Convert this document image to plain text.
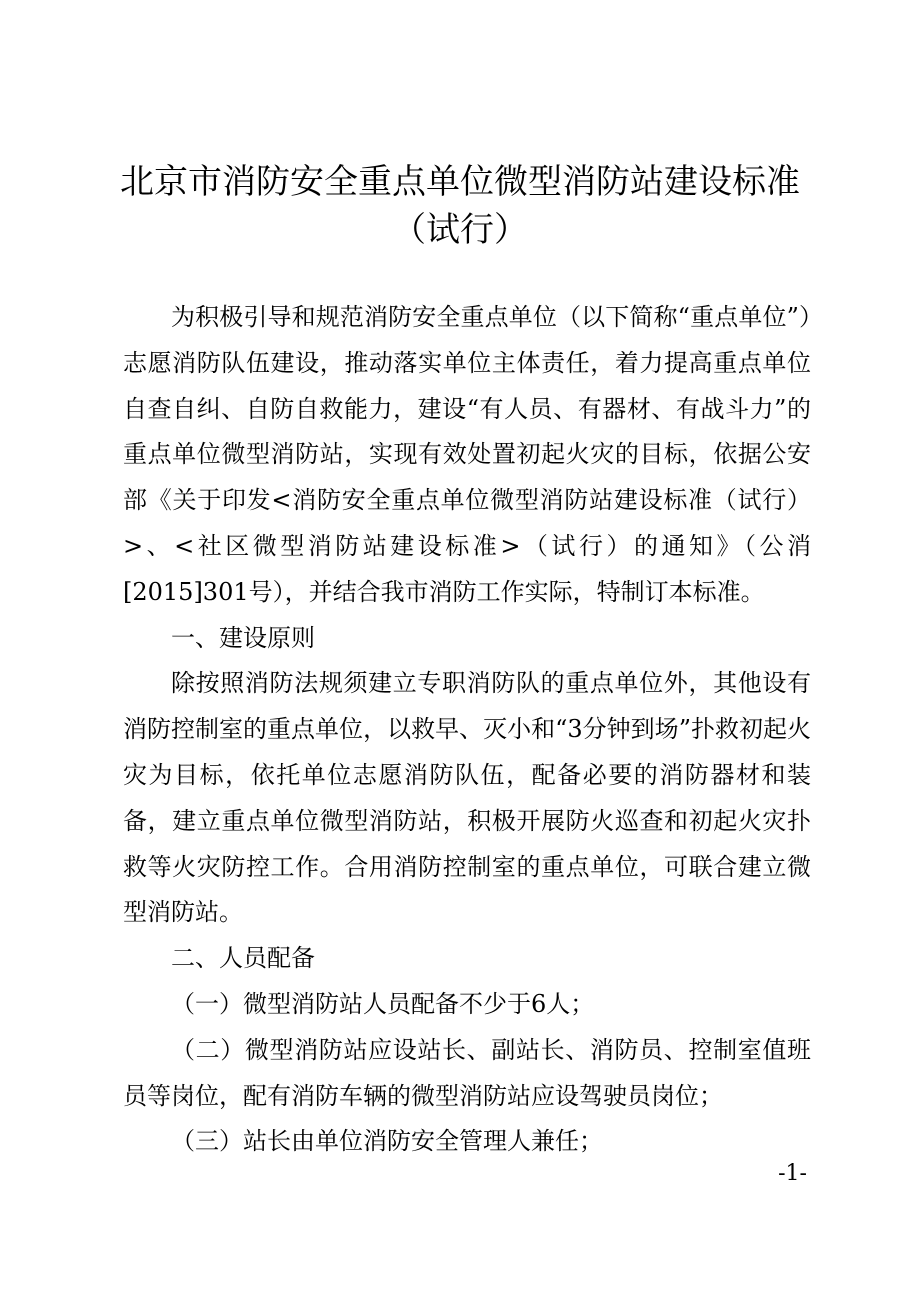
北京市消防安全重点单位微型消防站建设标准
（试行）

为积极引导和规范消防安全重点单位（以下简称“重点单位”）志愿消防队伍建设，推动落实单位主体责任，着力提高重点单位自查自纠、自防自救能力，建设“有人员、有器材、有战斗力”的重点单位微型消防站，实现有效处置初起火灾的目标，依据公安部《关于印发<消防安全重点单位微型消防站建设标准（试行）>、<社区微型消防站建设标准>（试行）的通知》（公消[2015]301号），并结合我市消防工作实际，特制订本标准。

一、建设原则

除按照消防法规须建立专职消防队的重点单位外，其他设有消防控制室的重点单位，以救早、灭小和“3分钟到场”扑救初起火灾为目标，依托单位志愿消防队伍，配备必要的消防器材和装备，建立重点单位微型消防站，积极开展防火巡查和初起火灾扑救等火灾防控工作。合用消防控制室的重点单位，可联合建立微型消防站。

二、人员配备

（一）微型消防站人员配备不少于6人；

（二）微型消防站应设站长、副站长、消防员、控制室值班员等岗位，配有消防车辆的微型消防站应设驾驶员岗位；

（三）站长由单位消防安全管理人兼任；

-1-
